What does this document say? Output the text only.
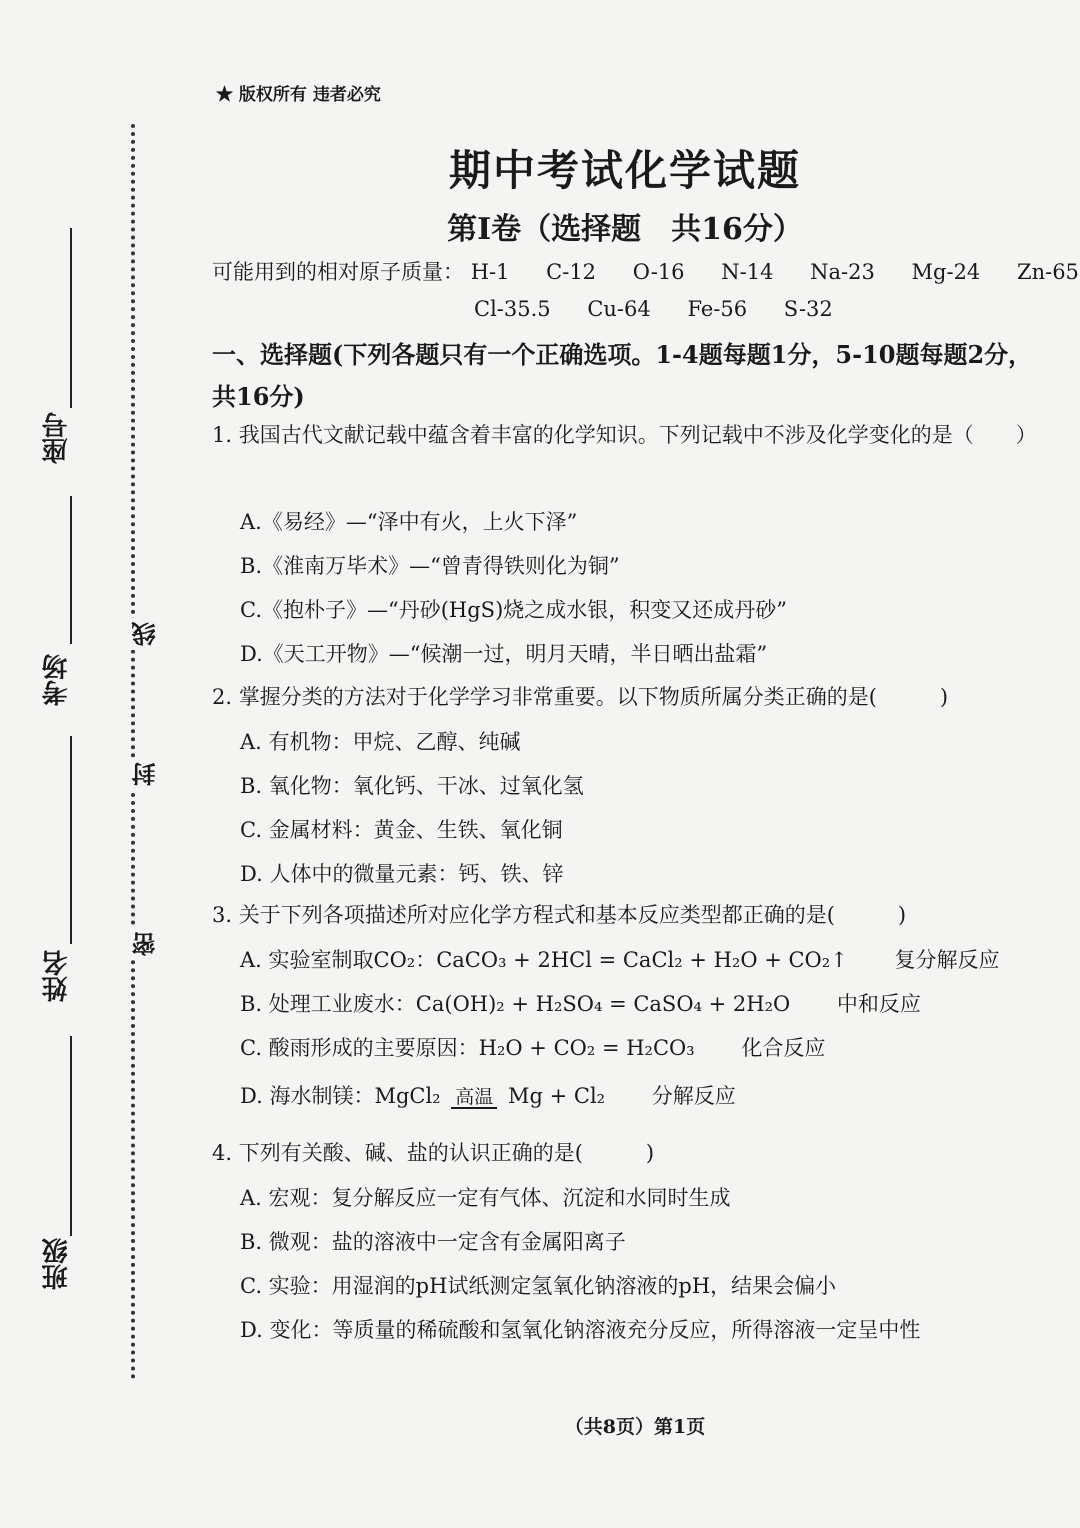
座号
考场
姓名
班级
线
封
密
★ 版权所有 违者必究
期中考试化学试题
第Ⅰ卷（选择题　共16分）
可能用到的相对原子质量： H-1 C-12 O-16 N-14 Na-23 Mg-24 Zn-65
Cl-35.5 Cu-64 Fe-56 S-32
一、选择题(下列各题只有一个正确选项。1-4题每题1分，5-10题每题2分，共16分)
1. 我国古代文献记载中蕴含着丰富的化学知识。下列记载中不涉及化学变化的是（　　）
A.《易经》—“泽中有火，上火下泽”
B.《淮南万毕术》—“曾青得铁则化为铜”
C.《抱朴子》—“丹砂(HgS)烧之成水银，积变又还成丹砂”
D.《天工开物》—“候潮一过，明月天晴，半日晒出盐霜”
2. 掌握分类的方法对于化学学习非常重要。以下物质所属分类正确的是(　　　)
A. 有机物：甲烷、乙醇、纯碱
B. 氧化物：氧化钙、干冰、过氧化氢
C. 金属材料：黄金、生铁、氧化铜
D. 人体中的微量元素：钙、铁、锌
3. 关于下列各项描述所对应化学方程式和基本反应类型都正确的是(　　　)
A. 实验室制取CO₂：CaCO₃ + 2HCl = CaCl₂ + H₂O + CO₂↑ 复分解反应
B. 处理工业废水：Ca(OH)₂ + H₂SO₄ = CaSO₄ + 2H₂O 中和反应
C. 酸雨形成的主要原因：H₂O + CO₂ = H₂CO₃ 化合反应
D. 海水制镁：MgCl₂ 高温 Mg + Cl₂ 分解反应
4. 下列有关酸、碱、盐的认识正确的是(　　　)
A. 宏观：复分解反应一定有气体、沉淀和水同时生成
B. 微观：盐的溶液中一定含有金属阳离子
C. 实验：用湿润的pH试纸测定氢氧化钠溶液的pH，结果会偏小
D. 变化：等质量的稀硫酸和氢氧化钠溶液充分反应，所得溶液一定呈中性
（共8页）第1页
